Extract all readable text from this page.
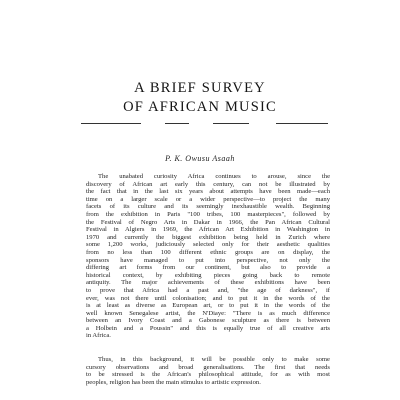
A BRIEF SURVEY
OF AFRICAN MUSIC
P. K. Owusu Asaah
The unabated curiosity Africa continues to arouse, since the
discovery of African art early this century, can not be illustrated by
the fact that in the last six years about attempts have been made—each
time on a larger scale or a wider perspective—to project the many
facets of its culture and its seemingly inexhaustible wealth. Beginning
from the exhibition in Paris "100 tribes, 100 masterpieces", followed by
the Festival of Negro Arts in Dakar in 1966, the Pan African Cultural
Festival in Algiers in 1969, the African Art Exhibition in Washington in
1970 and currently the biggest exhibition being held in Zurich where
some 1,200 works, judiciously selected only for their aesthetic qualities
from no less than 100 different ethnic groups are on display, the
sponsors have managed to put into perspective, not only the
differing art forms from our continent, but also to provide a
historical context, by exhibiting pieces going back to remote
antiquity. The major achievements of these exhibitions have been
to prove that Africa had a past and, "the age of darkness", if
ever, was not there until colonisation; and to put it in the words of the
is at least as diverse as European art, or to put it in the words of the
well known Senegalese artist, the N'Diaye: "There is as much difference
between an Ivory Coast and a Gabonese sculpture as there is between
a Holbein and a Poussin" and this is equally true of all creative arts
in Africa.
Thus, in this background, it will be possible only to make some
cursory observations and broad generalisations. The first that needs
to be stressed is the African's philosophical attitude, for as with most
peoples, religion has been the main stimulus to artistic expression.
